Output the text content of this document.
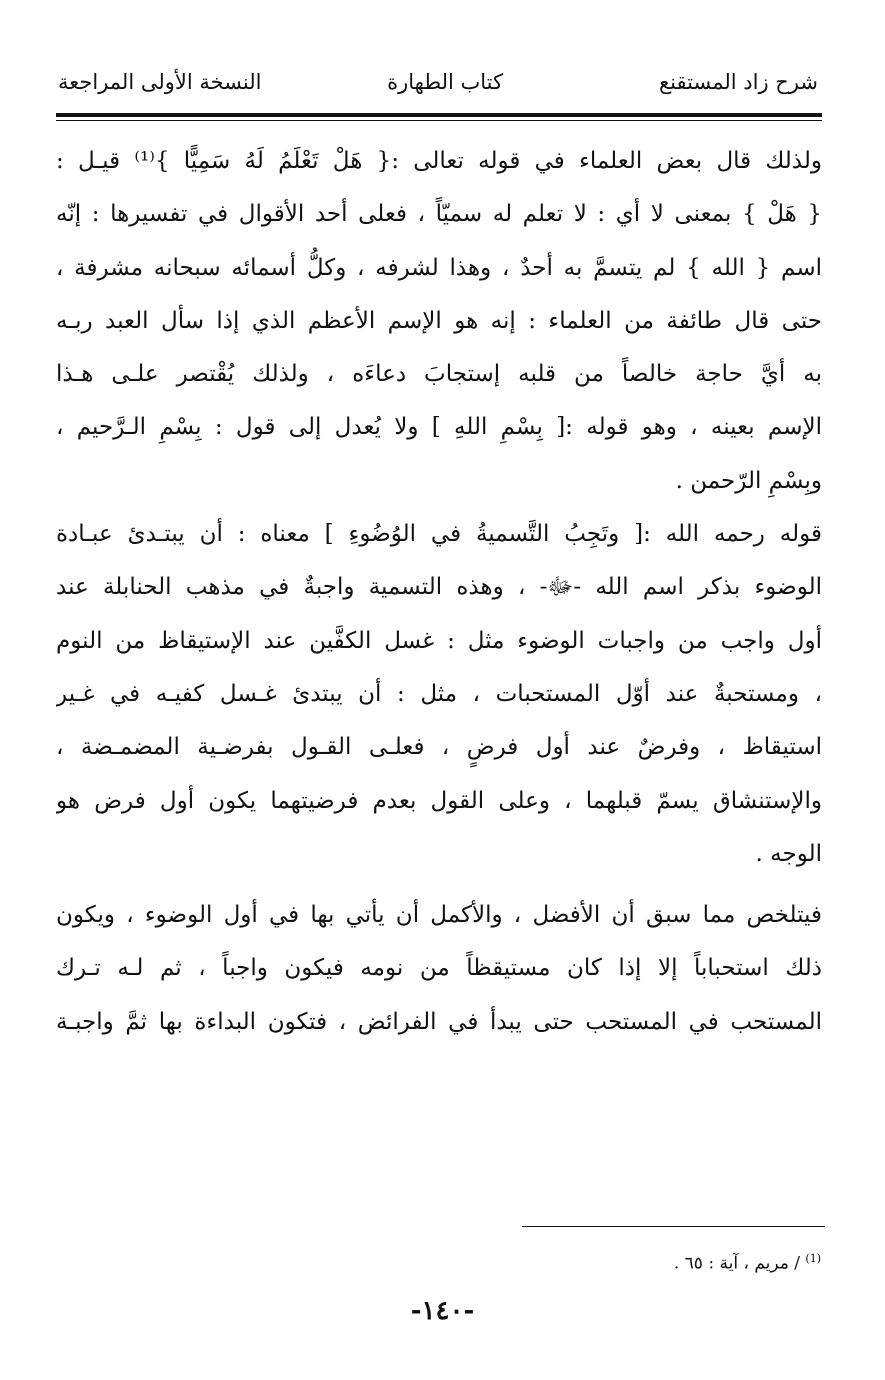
شرح زاد المستقنع
كتاب الطهارة
النسخة الأولى المراجعة
ولذلك قال بعض العلماء في قوله تعالى :{ هَلْ تَعْلَمُ لَهُ سَمِيًّا }⁽¹⁾ قيـل :
{ هَلْ } بمعنى لا أي : لا تعلم له سميّاً ، فعلى أحد الأقوال في تفسيرها : إنّه
اسم { الله } لم يتسمَّ به أحدٌ ، وهذا لشرفه ، وكلُّ أسمائه سبحانه مشرفة ،
حتى قال طائفة من العلماء : إنه هو الإسم الأعظم الذي إذا سأل العبد ربـه
به أيَّ حاجة خالصاً من قلبه إستجابَ دعاءَه ، ولذلك يُقْتصر علـى هـذا
الإسم بعينه ، وهو قوله :[ بِسْمِ اللهِ ] ولا يُعدل إلى قول : بِسْمِ الـرَّحيم ،
وبِسْمِ الرّحمن .
قوله رحمه الله :[ وتَجِبُ التَّسميةُ في الوُضُوءِ ] معناه : أن يبتـدئ عبـادة
الوضوء بذكر اسم الله -ﷻ- ، وهذه التسمية واجبةٌ في مذهب الحنابلة عند
أول واجب من واجبات الوضوء مثل : غسل الكفَّين عند الإستيقاظ من النوم
، ومستحبةٌ عند أوّل المستحبات ، مثل : أن يبتدئ غـسل كفيـه في غـير
استيقاظ ، وفرضٌ عند أول فرضٍ ، فعلـى القـول بفرضـية المضمـضة ،
والإستنشاق يسمّ قبلهما ، وعلى القول بعدم فرضيتهما يكون أول فرض هو
الوجه .
فيتلخص مما سبق أن الأفضل ، والأكمل أن يأتي بها في أول الوضوء ، ويكون
ذلك استحباباً إلا إذا كان مستيقظاً من نومه فيكون واجباً ، ثم لـه تـرك
المستحب في المستحب حتى يبدأ في الفرائض ، فتكون البداءة بها ثمَّ واجبـة
$^{(1)}$ / مريم ، آية : ٦٥ .
-١٤٠-
